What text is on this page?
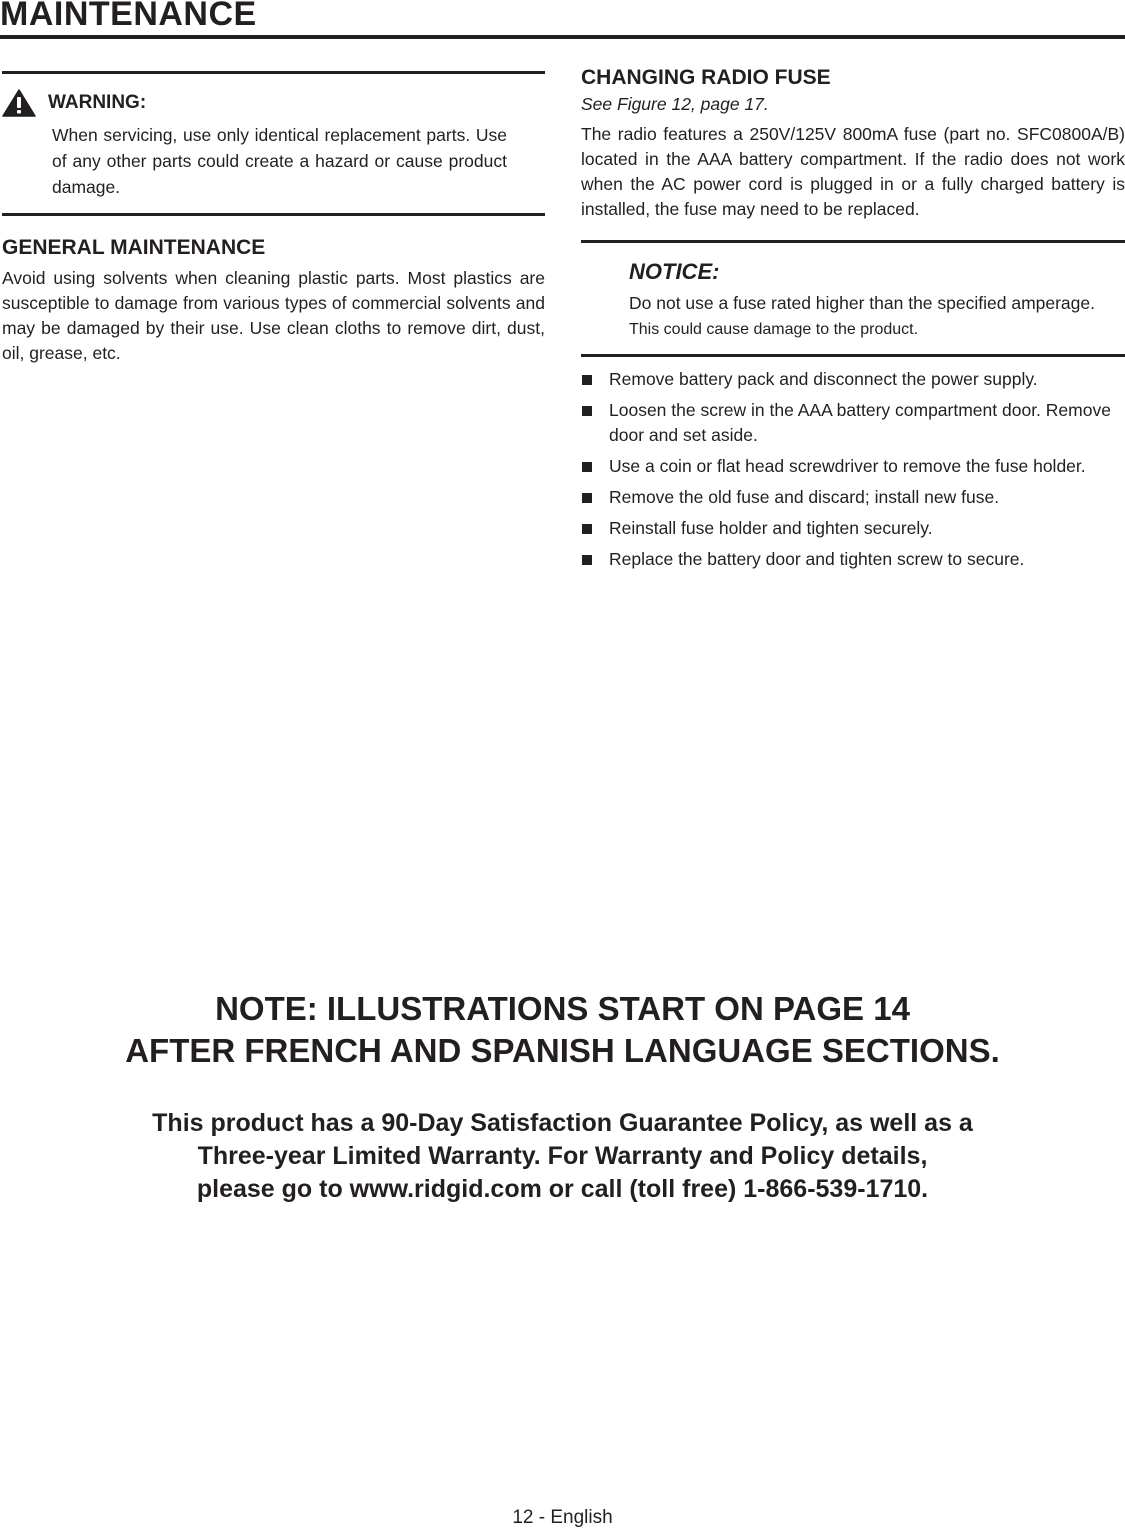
MAINTENANCE
WARNING:

When servicing, use only identical replacement parts. Use of any other parts could create a hazard or cause product damage.

GENERAL MAINTENANCE

Avoid using solvents when cleaning plastic parts. Most plastics are susceptible to damage from various types of commercial solvents and may be damaged by their use. Use clean cloths to remove dirt, dust, oil, grease, etc.

CHANGING RADIO FUSE

See Figure 12, page 17.

The radio features a 250V/125V 800mA fuse (part no. SFC0800A/B) located in the AAA battery compartment. If the radio does not work when the AC power cord is plugged in or a fully charged battery is installed, the fuse may need to be replaced.

NOTICE:
Do not use a fuse rated higher than the specified amperage. This could cause damage to the product.
Remove battery pack and disconnect the power supply.
Loosen the screw in the AAA battery compartment door. Remove door and set aside.
Use a coin or flat head screwdriver to remove the fuse holder.
Remove the old fuse and discard; install new fuse.
Reinstall fuse holder and tighten securely.
Replace the battery door and tighten screw to secure.
NOTE: ILLUSTRATIONS START ON PAGE 14
AFTER FRENCH AND SPANISH LANGUAGE SECTIONS.
This product has a 90-Day Satisfaction Guarantee Policy, as well as a
Three-year Limited Warranty. For Warranty and Policy details,
please go to www.ridgid.com or call (toll free) 1-866-539-1710.
12 - English
